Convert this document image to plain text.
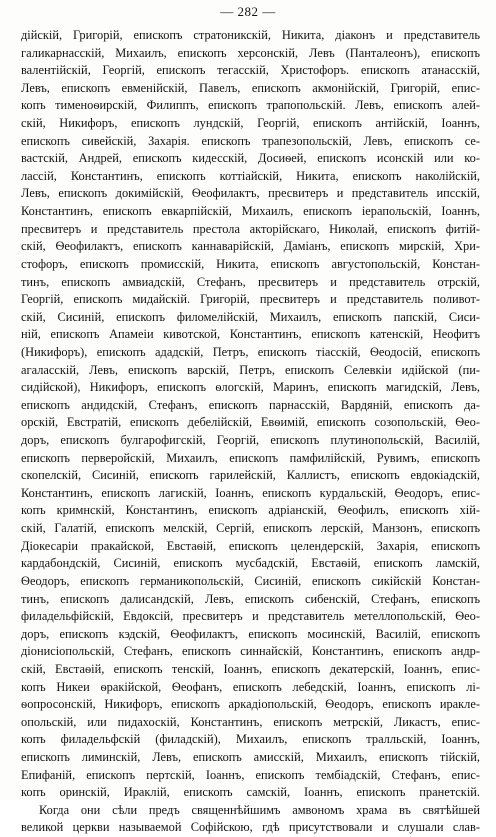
— 282 —
дійскій, Григорій, епископъ стратоникскій, Никита, діаконъ и представитель
галикарнасскій, Михаилъ, епископъ херсонскій, Левъ (Панталеонъ), епископъ
валентійскій, Георгій, епископъ тегасскій, Христофоръ. епископъ атанасскій,
Левъ, епископъ евменійскій, Павелъ, епископъ акмонійскій, Григорій, епис-
копъ тименоѳирскій, Филиппъ, епископъ трапопольскій. Левъ, епископъ алей-
скій, Никифоръ, епископъ лундскій, Георгій, епископъ антійскій, Іоаннъ,
епископъ сивейскій, Захарія. епископъ трапезопольскій, Левъ, епископъ се-
вастскій, Андрей, епископъ кидесскій, Досиѳей, епископъ исонскій или ко-
лассій, Константинъ, епископъ коттіайскій, Никита, епископъ наколійскій,
Левъ, епископъ докимійскій, Ѳеофилактъ, пресвитеръ и представитель ипсскій,
Константинъ, епископъ евкарпійскій, Михаилъ, епископъ іерапольскій, Іоаннъ,
пресвитеръ и представитель престола акторійскаго, Николай, епископъ фитій-
скій, Ѳеофилактъ, епископъ каннаварійскій, Даміанъ, епископъ мирскій, Хри-
стофоръ, епископъ промисскій, Никита, епископъ августопольскій, Констан-
тинъ, епископъ амвиадскій, Стефанъ, пресвитеръ и представитель отрскій,
Георгій, епископъ мидайскій. Григорій, пресвитеръ и представитель поливот-
скій, Сисиній, епископъ филомелійскій, Михаилъ, епископъ папскій, Сиси-
ній, епископъ Апамеіи кивотской, Константинъ, епископъ катенскій, Неофитъ
(Никифоръ), епископъ ададскій, Петръ, епископъ тіасскій, Ѳеодосій, епископъ
агаласскій, Левъ, епископъ варскій, Петръ, епископъ Селевкіи идійской (пи-
сидійской), Никифоръ, епископъ ѳлогскій, Маринъ, епископъ магидскій, Левъ,
епископъ андидскій, Стефанъ, епископъ парнасскій, Вардяній, епископъ да-
орскій, Евстратій, епископъ дебелійскій, Евѳимій, епископъ созопольскій, Ѳео-
доръ, епископъ булгарофигскій, Георгій, епископъ плутинопольскій, Василій,
епископъ перверойскій, Михаилъ, епископъ памфилійскій, Рувимъ, епископъ
скопелскій, Сисиній, епископъ гарилейскій, Каллистъ, епископъ евдокіадскій,
Константинъ, епископъ лагискій, Іоаннъ, епископъ курдальскій, Ѳеодоръ, епис-
копъ кримнскій, Константинъ, епископъ адріанскій, Ѳеофилъ, епископъ хій-
скій, Галатій, епископъ мелскій, Сергій, епископъ лерскій, Манзонъ, епископъ
Діокесаріи пракайской, Евстаѳій, епископъ целендерскій, Захарія, епископъ
кардабондскій, Сисиній, епископъ мусбадскій, Евстаѳій, епископъ ламскій,
Ѳеодоръ, епископъ германикопольскій, Сисиній, епископъ сикійскій Констан-
тинъ, епископъ далисандскій, Левъ, епископъ сибенскій, Стефанъ, епископъ
филадельфійскій, Евдоксій, пресвитеръ и представитель метеллопольскій, Ѳео-
доръ, епископъ кэдскій, Ѳеофилактъ, епископъ мосинскій, Василій, епископъ
діонисіопольскій, Стефанъ, епископъ синнайскій, Константинъ, епископъ андр-
скій, Евстаѳій, епископъ тенскій, Іоаннъ, епископъ декатерскій, Іоаннъ, епис-
копъ Никеи ѳракійской, Ѳеофанъ, епископъ лебедскій, Іоаннъ, епископъ лі-
ѳопросонскій, Никифоръ, епископъ аркадіопольскій, Ѳеодоръ, епископъ иракле-
опольскій, или пидахоскій, Константинъ, епископъ метрскій, Ликастъ, епис-
копъ филадельфскій (филадскій), Михаилъ, епископъ тралльскій, Іоаннъ,
епископъ лиминскій, Левъ, епископъ амисскій, Михаилъ, епископъ тійскій,
Епифаній, епископъ пертскій, Іоаннъ, епископъ тембіадскій, Стефанъ, епис-
копъ оринскій, Ираклій, епископъ самскій, Іоаннъ, епископъ пранетскій.
Когда они сѣли предъ священнѣйшимъ амвономъ храма въ святѣйшей
великой церкви называемой Софійскою, гдѣ присутствовали и слушали слав-
